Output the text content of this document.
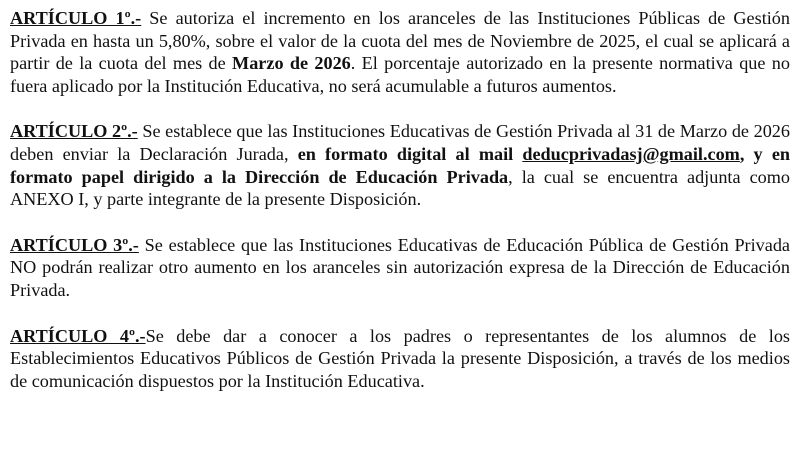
ARTÍCULO 1º.- Se autoriza el incremento en los aranceles de las Instituciones Públicas de Gestión Privada en hasta un 5,80%, sobre el valor de la cuota del mes de Noviembre de 2025, el cual se aplicará a partir de la cuota del mes de Marzo de 2026. El porcentaje autorizado en la presente normativa que no fuera aplicado por la Institución Educativa, no será acumulable a futuros aumentos.

ARTÍCULO 2º.- Se establece que las Instituciones Educativas de Gestión Privada al 31 de Marzo de 2026 deben enviar la Declaración Jurada, en formato digital al mail deducprivadasj@gmail.com, y en formato papel dirigido a la Dirección de Educación Privada, la cual se encuentra adjunta como ANEXO I, y parte integrante de la presente Disposición.

ARTÍCULO 3º.- Se establece que las Instituciones Educativas de Educación Pública de Gestión Privada NO podrán realizar otro aumento en los aranceles sin autorización expresa de la Dirección de Educación Privada.

ARTÍCULO 4º.-Se debe dar a conocer a los padres o representantes de los alumnos de los Establecimientos Educativos Públicos de Gestión Privada la presente Disposición, a través de los medios de comunicación dispuestos por la Institución Educativa.
